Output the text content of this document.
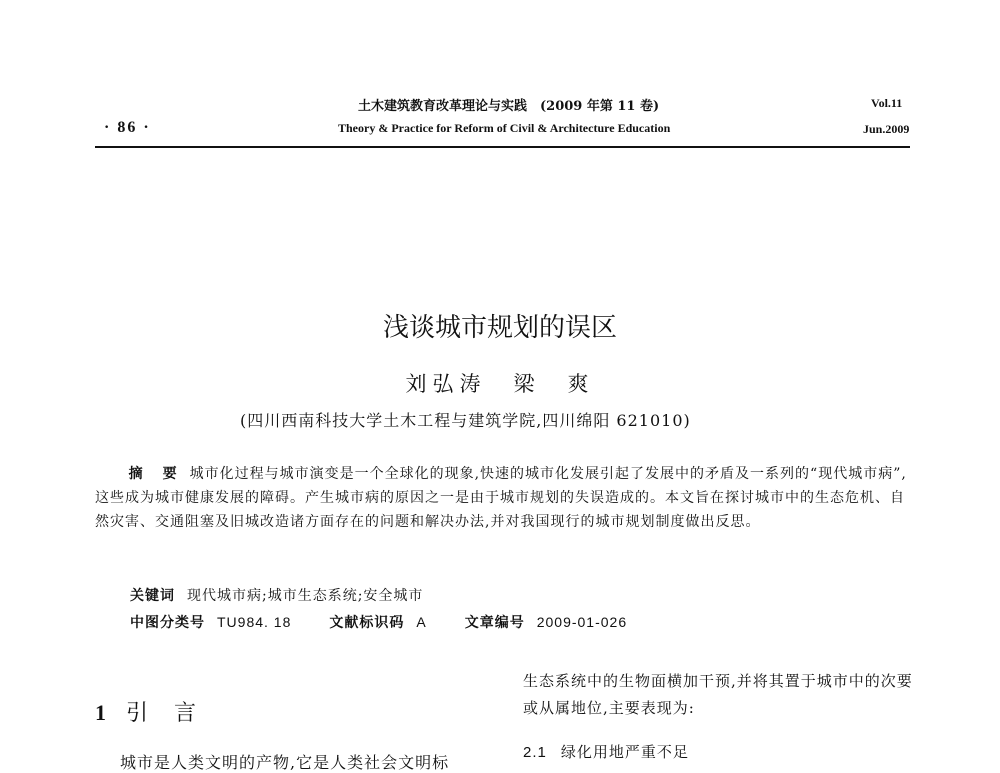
· 86 ·
土木建筑教育改革理论与实践　(2009 年第 11 卷)
Theory & Practice for Reform of Civil & Architecture Education
Vol.11
Jun.2009
浅谈城市规划的误区
刘弘涛　梁　爽
(四川西南科技大学土木工程与建筑学院,四川绵阳 621010)
摘　要 城市化过程与城市演变是一个全球化的现象,快速的城市化发展引起了发展中的矛盾及一系列的“现代城市病”,这些成为城市健康发展的障碍。产生城市病的原因之一是由于城市规划的失误造成的。本文旨在探讨城市中的生态危机、自然灾害、交通阻塞及旧城改造诸方面存在的问题和解决办法,并对我国现行的城市规划制度做出反思。
关键词 现代城市病;城市生态系统;安全城市
中图分类号 TU984. 18	文献标识码 A	文章编号 2009-01-026
1 引言
城市是人类文明的产物,它是人类社会文明标
生态系统中的生物面横加干预,并将其置于城市中的次要或从属地位,主要表现为:
2.1 绿化用地严重不足
